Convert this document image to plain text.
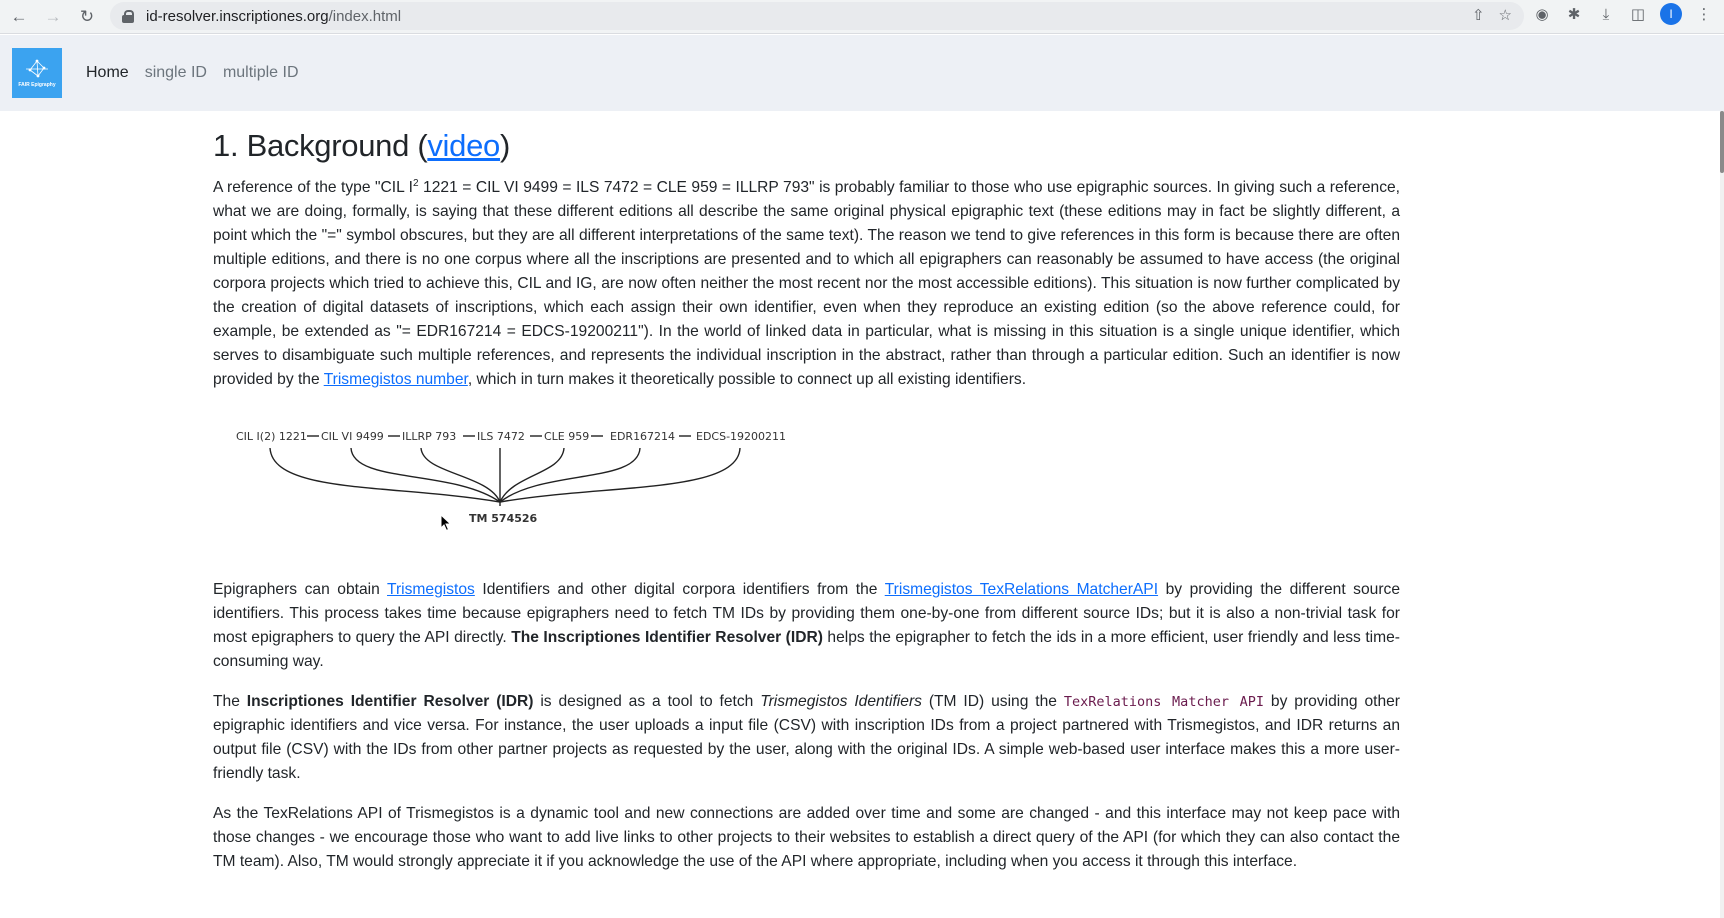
←	→	↻	id-resolver.inscriptiones.org /index.html	⇧ ☆ ◉ ✱	⤓	◫	I	⋮
FAIR Epigraphy
Home	single ID	multiple ID
1. Background (video)

A reference of the type "CIL $I^2$ 1221 = CIL VI 9499 = ILS 7472 = CLE 959 = ILLRP 793" is probably familiar to those who use epigraphic sources. In giving such a reference, what we are doing, formally, is saying that these different editions all describe the same original physical epigraphic text (these editions may in fact be slightly different, a point which the "=" symbol obscures, but they are all different interpretations of the same text). The reason we tend to give references in this form is because there are often multiple editions, and there is no one corpus where all the inscriptions are presented and to which all epigraphers can reasonably be assumed to have access (the original corpora projects which tried to achieve this, CIL and IG, are now often neither the most recent nor the most accessible editions). This situation is now further complicated by the creation of digital datasets of inscriptions, which each assign their own identifier, even when they reproduce an existing edition (so the above reference could, for example, be extended as "= EDR167214 = EDCS-19200211"). In the world of linked data in particular, what is missing in this situation is a single unique identifier, which serves to disambiguate such multiple references, and represents the individual inscription in the abstract, rather than through a particular edition. Such an identifier is now provided by the Trismegistos number, which in turn makes it theoretically possible to connect up all existing identifiers.

CIL I(2) 1221 CIL VI 9499 ILLRP 793 ILS 7472 CLE 959 EDR167214 EDCS-19200211
TM 574526

Epigraphers can obtain Trismegistos Identifiers and other digital corpora identifiers from the Trismegistos TexRelations MatcherAPI by providing the different source identifiers. This process takes time because epigraphers need to fetch TM IDs by providing them one-by-one from different source IDs; but it is also a non-trivial task for most epigraphers to query the API directly. The Inscriptiones Identifier Resolver (IDR) helps the epigrapher to fetch the ids in a more efficient, user friendly and less time-consuming way.

The Inscriptiones Identifier Resolver (IDR) is designed as a tool to fetch Trismegistos Identifiers (TM ID) using the TexRelations Matcher API by providing other epigraphic identifiers and vice versa. For instance, the user uploads a input file (CSV) with inscription IDs from a project partnered with Trismegistos, and IDR returns an output file (CSV) with the IDs from other partner projects as requested by the user, along with the original IDs. A simple web-based user interface makes this a more user-friendly task.

As the TexRelations API of Trismegistos is a dynamic tool and new connections are added over time and some are changed - and this interface may not keep pace with those changes - we encourage those who want to add live links to other projects to their websites to establish a direct query of the API (for which they can also contact the TM team). Also, TM would strongly appreciate it if you acknowledge the use of the API where appropriate, including when you access it through this interface.
